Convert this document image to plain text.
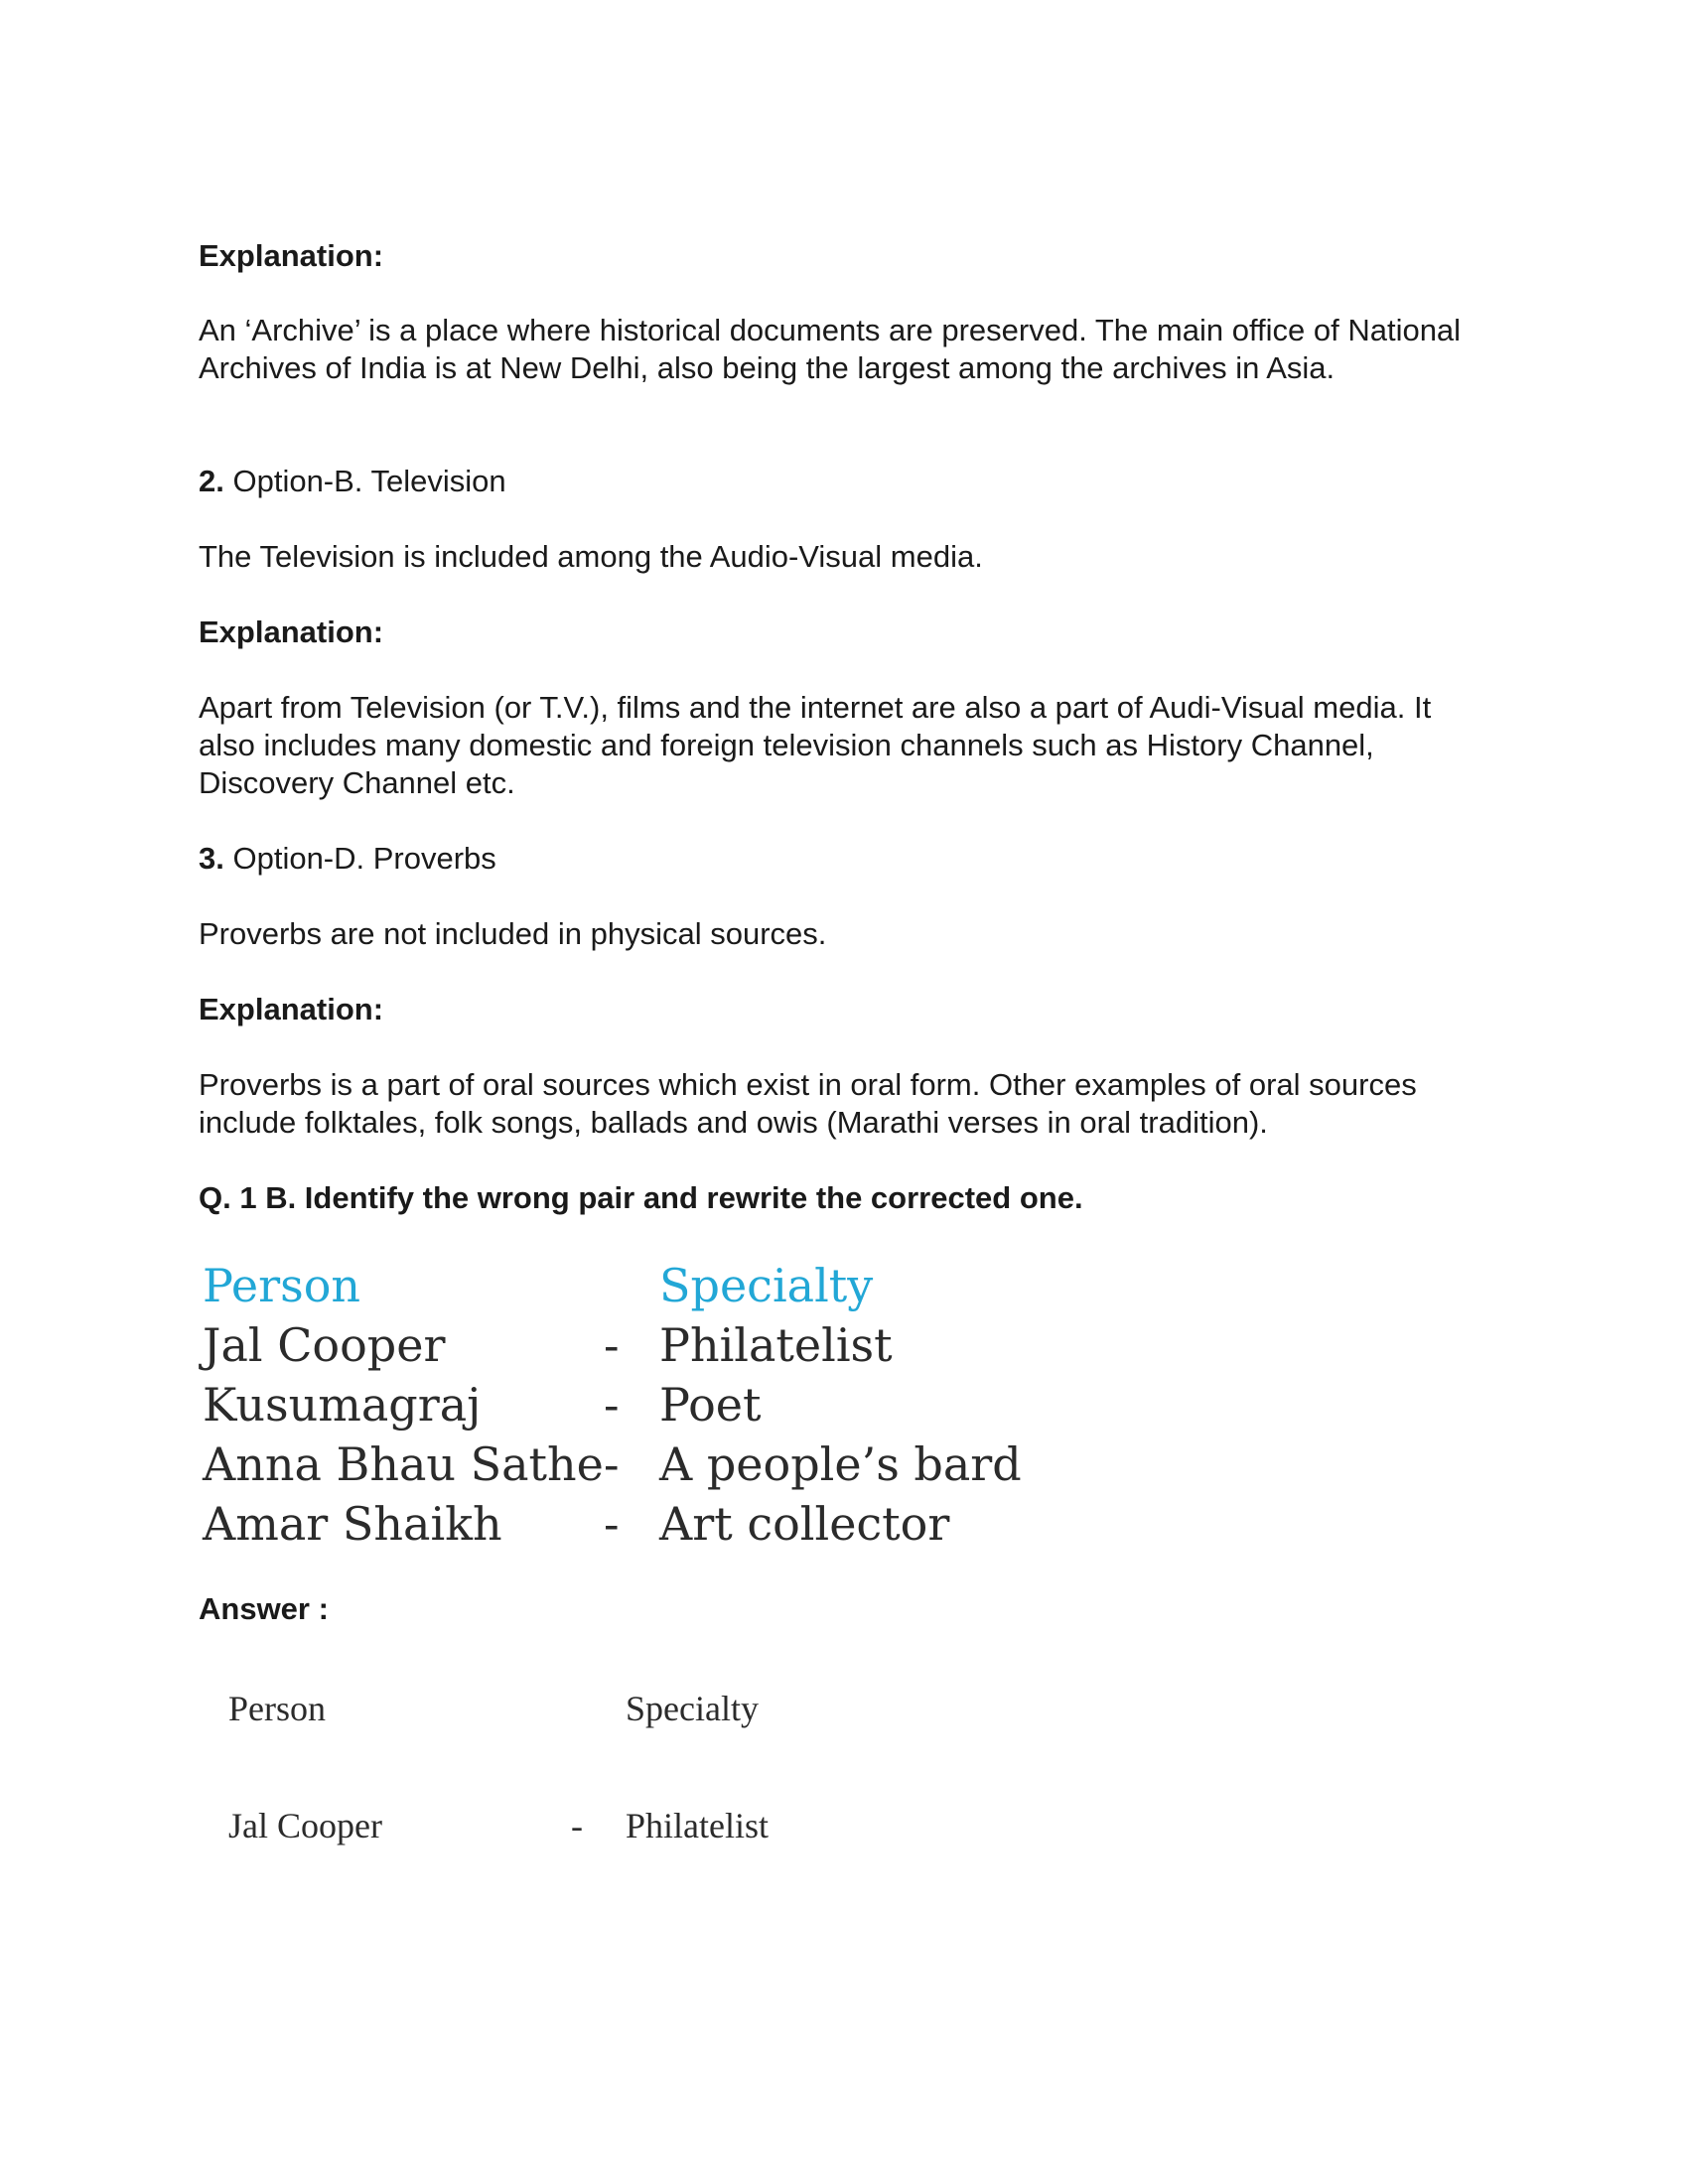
Explanation:

An ‘Archive’ is a place where historical documents are preserved. The main office of National Archives of India is at New Delhi, also being the largest among the archives in Asia.

2. Option-B. Television

The Television is included among the Audio-Visual media.

Explanation:

Apart from Television (or T.V.), films and the internet are also a part of Audi-Visual media. It also includes many domestic and foreign television channels such as History Channel, Discovery Channel etc.

3. Option-D. Proverbs

Proverbs are not included in physical sources.

Explanation:

Proverbs is a part of oral sources which exist in oral form. Other examples of oral sources include folktales, folk songs, ballads and owis (Marathi verses in oral tradition).

Q. 1 B. Identify the wrong pair and rewrite the corrected one.

Person	Specialty
Jal Cooper	- Philatelist
Kusumagraj	- Poet
Anna Bhau Sathe - A people’s bard
Amar Shaikh - Art collector

Answer :

Person	Specialty
Jal Cooper	- Philatelist
